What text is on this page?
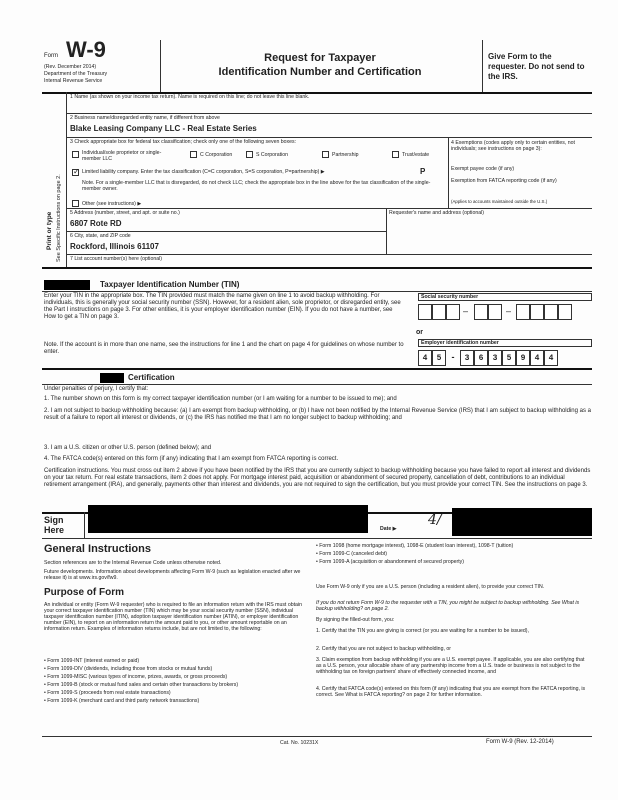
Form W-9
(Rev. December 2014)
Department of the Treasury
Internal Revenue Service
Request for Taxpayer
Identification Number and Certification
Give Form to the requester. Do not send to the IRS.
Print or type See Specific Instructions on page 2.
1 Name (as shown on your income tax return). Name is required on this line; do not leave this line blank.
2 Business name/disregarded entity name, if different from above
Blake Leasing Company LLC - Real Estate Series
3 Check appropriate box for federal tax classification; check only one of the following seven boxes:
Individual/sole proprietor or single-member LLC
C Corporation	S Corporation	Partnership	Trust/estate
✓
Limited liability company. Enter the tax classification (C=C corporation, S=S corporation, P=partnership) ▶	P
Note. For a single-member LLC that is disregarded, do not check LLC; check the appropriate box in the line above for the tax classification of the single-member owner.
Other (see instructions) ▶
4 Exemptions (codes apply only to certain entities, not individuals; see instructions on page 3):
Exempt payee code (if any)
Exemption from FATCA reporting code (if any)
(Applies to accounts maintained outside the U.S.)
5 Address (number, street, and apt. or suite no.)
6807 Rote RD
Requester's name and address (optional)
6 City, state, and ZIP code
Rockford, Illinois 61107
7 List account number(s) here (optional)
Taxpayer Identification Number (TIN)
Enter your TIN in the appropriate box. The TIN provided must match the name given on line 1 to avoid backup withholding. For individuals, this is generally your social security number (SSN). However, for a resident alien, sole proprietor, or disregarded entity, see the Part I instructions on page 3. For other entities, it is your employer identification number (EIN). If you do not have a number, see How to get a TIN on page 3.
Note. If the account is in more than one name, see the instructions for line 1 and the chart on page 4 for guidelines on whose number to enter.
Social security number
–	–
or
Employer identification number
4	5	-	3	6	3	5	9	4	4
Certification
Under penalties of perjury, I certify that:
1. The number shown on this form is my correct taxpayer identification number (or I am waiting for a number to be issued to me); and
2. I am not subject to backup withholding because: (a) I am exempt from backup withholding, or (b) I have not been notified by the Internal Revenue Service (IRS) that I am subject to backup withholding as a result of a failure to report all interest or dividends, or (c) the IRS has notified me that I am no longer subject to backup withholding; and
3. I am a U.S. citizen or other U.S. person (defined below); and
4. The FATCA code(s) entered on this form (if any) indicating that I am exempt from FATCA reporting is correct.
Certification instructions. You must cross out item 2 above if you have been notified by the IRS that you are currently subject to backup withholding because you have failed to report all interest and dividends on your tax return. For real estate transactions, item 2 does not apply. For mortgage interest paid, acquisition or abandonment of secured property, cancellation of debt, contributions to an individual retirement arrangement (IRA), and generally, payments other than interest and dividends, you are not required to sign the certification, but you must provide your correct TIN. See the instructions on page 3.
Sign
Here	Date ▶
4/
General Instructions
Section references are to the Internal Revenue Code unless otherwise noted.
Future developments. Information about developments affecting Form W-9 (such as legislation enacted after we release it) is at www.irs.gov/fw9.
Purpose of Form
An individual or entity (Form W-9 requester) who is required to file an information return with the IRS must obtain your correct taxpayer identification number (TIN) which may be your social security number (SSN), individual taxpayer identification number (ITIN), adoption taxpayer identification number (ATIN), or employer identification number (EIN), to report on an information return the amount paid to you, or other amount reportable on an information return. Examples of information returns include, but are not limited to, the following:
• Form 1099-INT (interest earned or paid)
• Form 1099-DIV (dividends, including those from stocks or mutual funds)
• Form 1099-MISC (various types of income, prizes, awards, or gross proceeds)
• Form 1099-B (stock or mutual fund sales and certain other transactions by brokers)
• Form 1099-S (proceeds from real estate transactions)
• Form 1099-K (merchant card and third party network transactions)
• Form 1098 (home mortgage interest), 1098-E (student loan interest), 1098-T (tuition)
• Form 1099-C (canceled debt)
• Form 1099-A (acquisition or abandonment of secured property)
Use Form W-9 only if you are a U.S. person (including a resident alien), to provide your correct TIN.
If you do not return Form W-9 to the requester with a TIN, you might be subject to backup withholding. See What is backup withholding? on page 2.
By signing the filled-out form, you:
1. Certify that the TIN you are giving is correct (or you are waiting for a number to be issued),
2. Certify that you are not subject to backup withholding, or
3. Claim exemption from backup withholding if you are a U.S. exempt payee. If applicable, you are also certifying that as a U.S. person, your allocable share of any partnership income from a U.S. trade or business is not subject to the withholding tax on foreign partners' share of effectively connected income, and
4. Certify that FATCA code(s) entered on this form (if any) indicating that you are exempt from the FATCA reporting, is correct. See What is FATCA reporting? on page 2 for further information.
Cat. No. 10231X	Form W-9 (Rev. 12-2014)
